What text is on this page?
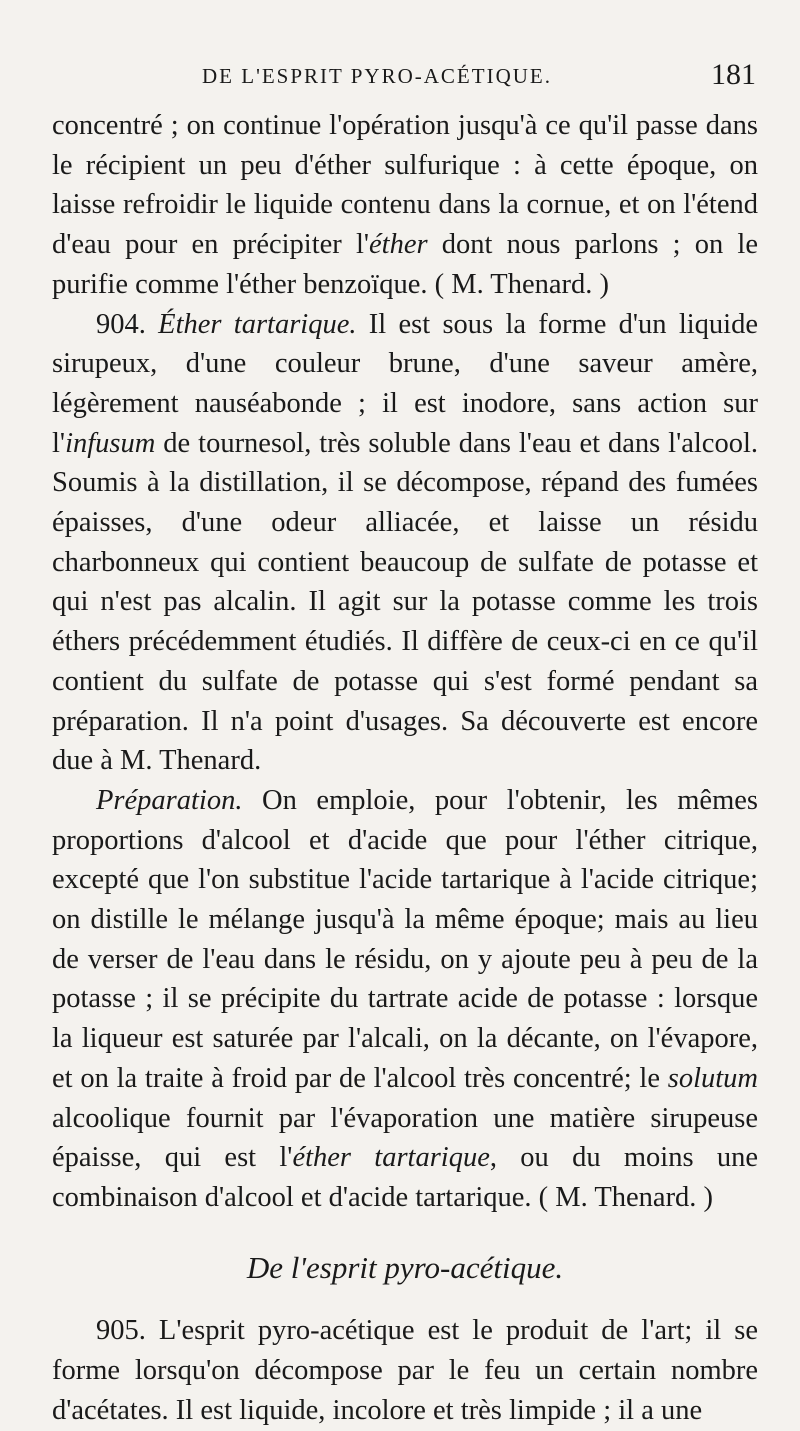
DE L'ESPRIT PYRO-ACÉTIQUE.	181

concentré ; on continue l'opération jusqu'à ce qu'il passe dans le récipient un peu d'éther sulfurique : à cette époque, on laisse refroidir le liquide contenu dans la cornue, et on l'étend d'eau pour en précipiter l'éther dont nous parlons ; on le purifie comme l'éther benzoïque. ( M. Thenard. )

904. Éther tartarique. Il est sous la forme d'un liquide sirupeux, d'une couleur brune, d'une saveur amère, légèrement nauséabonde ; il est inodore, sans action sur l'infusum de tournesol, très soluble dans l'eau et dans l'alcool. Soumis à la distillation, il se décompose, répand des fumées épaisses, d'une odeur alliacée, et laisse un résidu charbonneux qui contient beaucoup de sulfate de potasse et qui n'est pas alcalin. Il agit sur la potasse comme les trois éthers précédemment étudiés. Il diffère de ceux-ci en ce qu'il contient du sulfate de potasse qui s'est formé pendant sa préparation. Il n'a point d'usages. Sa découverte est encore due à M. Thenard.

Préparation. On emploie, pour l'obtenir, les mêmes proportions d'alcool et d'acide que pour l'éther citrique, excepté que l'on substitue l'acide tartarique à l'acide citrique; on distille le mélange jusqu'à la même époque; mais au lieu de verser de l'eau dans le résidu, on y ajoute peu à peu de la potasse ; il se précipite du tartrate acide de potasse : lorsque la liqueur est saturée par l'alcali, on la décante, on l'évapore, et on la traite à froid par de l'alcool très concentré; le solutum alcoolique fournit par l'évaporation une matière sirupeuse épaisse, qui est l'éther tartarique, ou du moins une combinaison d'alcool et d'acide tartarique. ( M. Thenard. )

De l'esprit pyro-acétique.

905. L'esprit pyro-acétique est le produit de l'art; il se forme lorsqu'on décompose par le feu un certain nombre d'acétates. Il est liquide, incolore et très limpide ; il a une
